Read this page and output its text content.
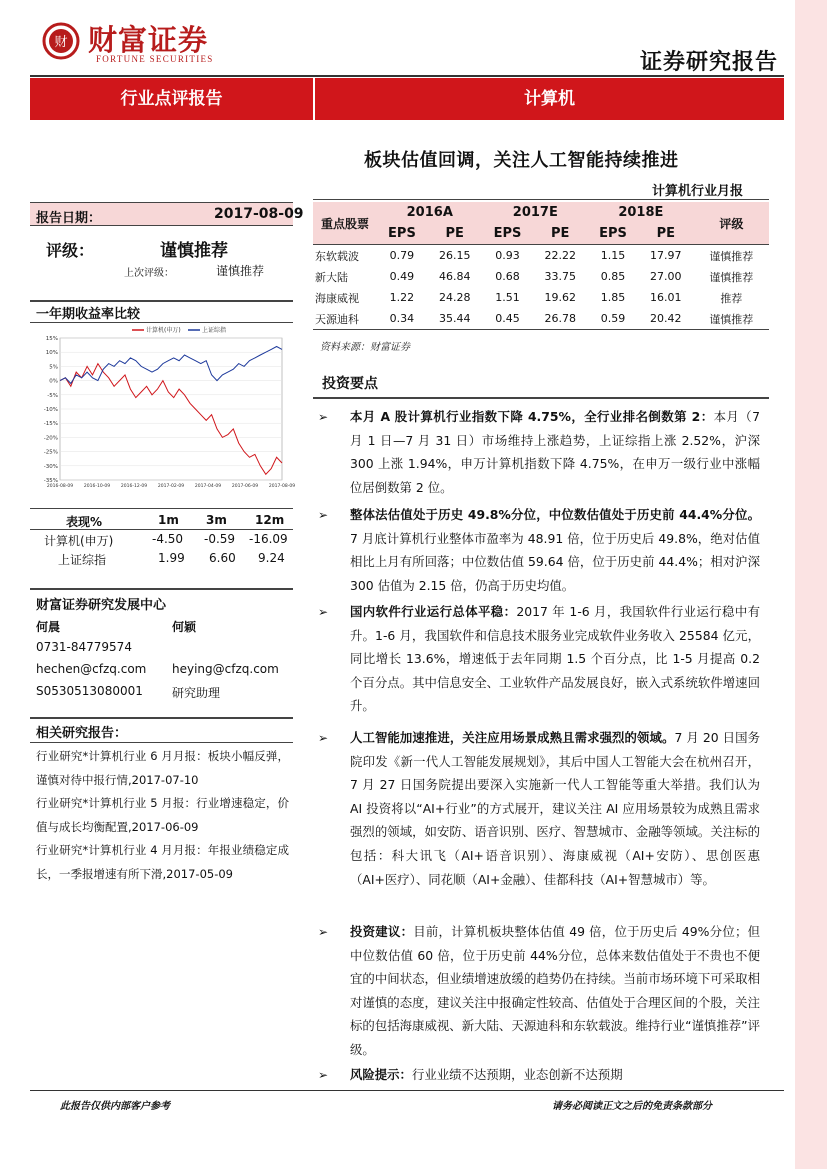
财 财富证券
FORTUNE SECURITIES	证券研究报告
行业点评报告	计算机
板块估值回调，关注人工智能持续推进
计算机行业月报
报告日期：	2017-08-09
评级：	谨慎推荐
上次评级：	谨慎推荐
一年期收益率比较
15%
10%
5%
0%
-5%
-10%
-15%
-20%
-25%
-30%
-35%
2016-08-09 2016-10-09 2016-12-09 2017-02-09 2017-04-09 2017-06-09 2017-08-09
计算机(申万)	上证综指
表现%	1m 3m 12m
计算机(申万)	-4.50 -0.59 -16.09
上证综指	1.99 6.60 9.24
财富证券研究发展中心
何晨	何颖
0731-84779574
hechen@cfzq.com heying@cfzq.com
S0530513080001 研究助理
相关研究报告：
行业研究*计算机行业 6 月月报：板块小幅反弹，谨慎对待中报行情,2017-07-10
行业研究*计算机行业 5 月报：行业增速稳定，价值与成长均衡配置,2017-06-09
行业研究*计算机行业 4 月月报：年报业绩稳定成长，一季报增速有所下滑,2017-05-09
重点股票	2016A		2017E		2018E		评级
	EPS	PE	EPS	PE	EPS	PE	
东软载波	0.79	26.15	0.93	22.22	1.15	17.97	谨慎推荐
新大陆	0.49	46.84	0.68	33.75	0.85	27.00	谨慎推荐
海康威视	1.22	24.28	1.51	19.62	1.85	16.01	推荐
天源迪科	0.34	35.44	0.45	26.78	0.59	20.42	谨慎推荐
资料来源：财富证券
投资要点
➢ 本月 A 股计算机行业指数下降 4.75%，全行业排名倒数第 2：本月（7 月 1 日—7 月 31 日）市场维持上涨趋势，上证综指上涨 2.52%，沪深 300 上涨 1.94%，申万计算机指数下降 4.75%，在申万一级行业中涨幅位居倒数第 2 位。
➢ 整体法估值处于历史 49.8%分位，中位数估值处于历史前 44.4%分位。7 月底计算机行业整体市盈率为 48.91 倍，位于历史后 49.8%，绝对估值相比上月有所回落；中位数估值 59.64 倍，位于历史前 44.4%；相对沪深 300 估值为 2.15 倍，仍高于历史均值。
➢ 国内软件行业运行总体平稳：2017 年 1-6 月，我国软件行业运行稳中有升。1-6 月，我国软件和信息技术服务业完成软件业务收入 25584 亿元，同比增长 13.6%，增速低于去年同期 1.5 个百分点，比 1-5 月提高 0.2 个百分点。其中信息安全、工业软件产品发展良好，嵌入式系统软件增速回升。
➢ 人工智能加速推进，关注应用场景成熟且需求强烈的领域。7 月 20 日国务院印发《新一代人工智能发展规划》，其后中国人工智能大会在杭州召开，7 月 27 日国务院提出要深入实施新一代人工智能等重大举措。我们认为 AI 投资将以“AI+行业”的方式展开，建议关注 AI 应用场景较为成熟且需求强烈的领域，如安防、语音识别、医疗、智慧城市、金融等领域。关注标的包括：科大讯飞（AI+语音识别）、海康威视（AI+安防）、思创医惠（AI+医疗）、同花顺（AI+金融）、佳都科技（AI+智慧城市）等。
➢ 投资建议：目前，计算机板块整体估值 49 倍，位于历史后 49%分位；但中位数估值 60 倍，位于历史前 44%分位，总体来数估值处于不贵也不便宜的中间状态，但业绩增速放缓的趋势仍在持续。当前市场环境下可采取相对谨慎的态度，建议关注中报确定性较高、估值处于合理区间的个股，关注标的包括海康威视、新大陆、天源迪科和东软载波。维持行业“谨慎推荐”评级。
➢ 风险提示：行业业绩不达预期，业态创新不达预期
此报告仅供内部客户参考	请务必阅读正文之后的免责条款部分
